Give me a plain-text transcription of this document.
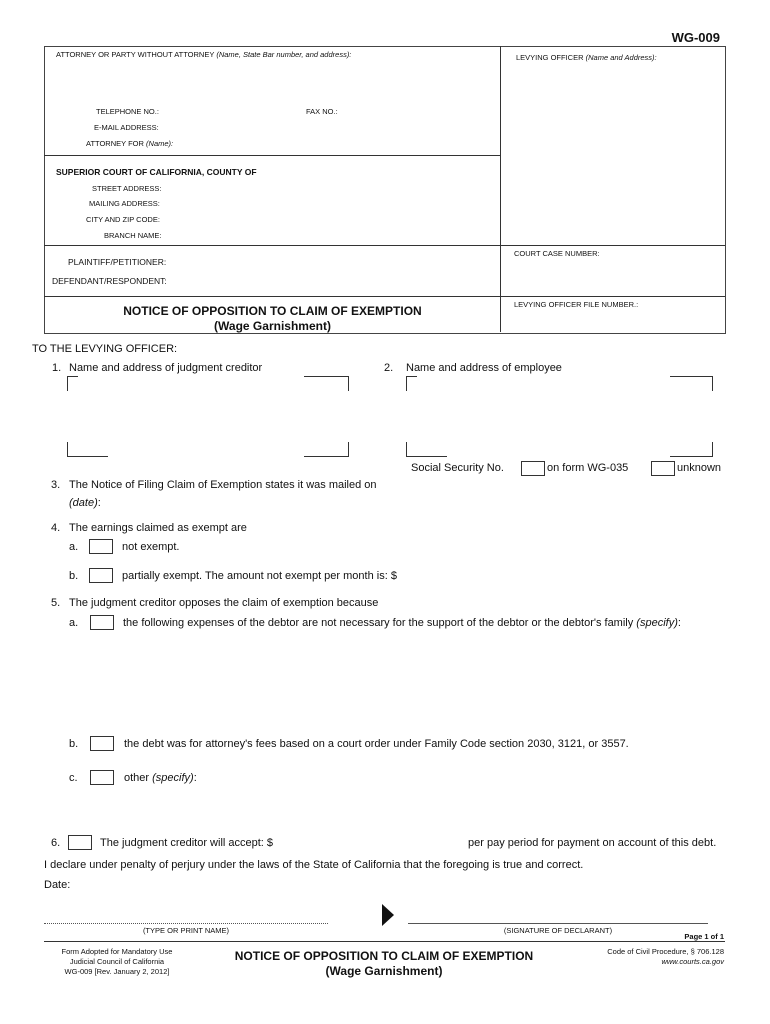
WG-009
ATTORNEY OR PARTY WITHOUT ATTORNEY (Name, State Bar number, and address):	LEVYING OFFICER (Name and Address):
TELEPHONE NO.:	FAX NO.:
E-MAIL ADDRESS:
ATTORNEY FOR (Name):
SUPERIOR COURT OF CALIFORNIA, COUNTY OF
STREET ADDRESS:
MAILING ADDRESS:
CITY AND ZIP CODE:
BRANCH NAME:
PLAINTIFF/PETITIONER:
DEFENDANT/RESPONDENT:
COURT CASE NUMBER:
LEVYING OFFICER FILE NUMBER.:
NOTICE OF OPPOSITION TO CLAIM OF EXEMPTION
(Wage Garnishment)
TO THE LEVYING OFFICER:
1. Name and address of judgment creditor	2. Name and address of employee
Social Security No.	on form WG-035	unknown
3. The Notice of Filing Claim of Exemption states it was mailed on
(date):
4. The earnings claimed as exempt are
a.	not exempt.
b.	partially exempt. The amount not exempt per month is: $
5. The judgment creditor opposes the claim of exemption because
a.	the following expenses of the debtor are not necessary for the support of the debtor or the debtor's family (specify):
b.	the debt was for attorney's fees based on a court order under Family Code section 2030, 3121, or 3557.
c.	other (specify):
6.	The judgment creditor will accept: $	per pay period for payment on account of this debt.
I declare under penalty of perjury under the laws of the State of California that the foregoing is true and correct.
Date:
(TYPE OR PRINT NAME)	(SIGNATURE OF DECLARANT)
Page 1 of 1
Form Adopted for Mandatory Use
Judicial Council of California
WG-009 [Rev. January 2, 2012]
NOTICE OF OPPOSITION TO CLAIM OF EXEMPTION
(Wage Garnishment)
Code of Civil Procedure, § 706.128
www.courts.ca.gov
